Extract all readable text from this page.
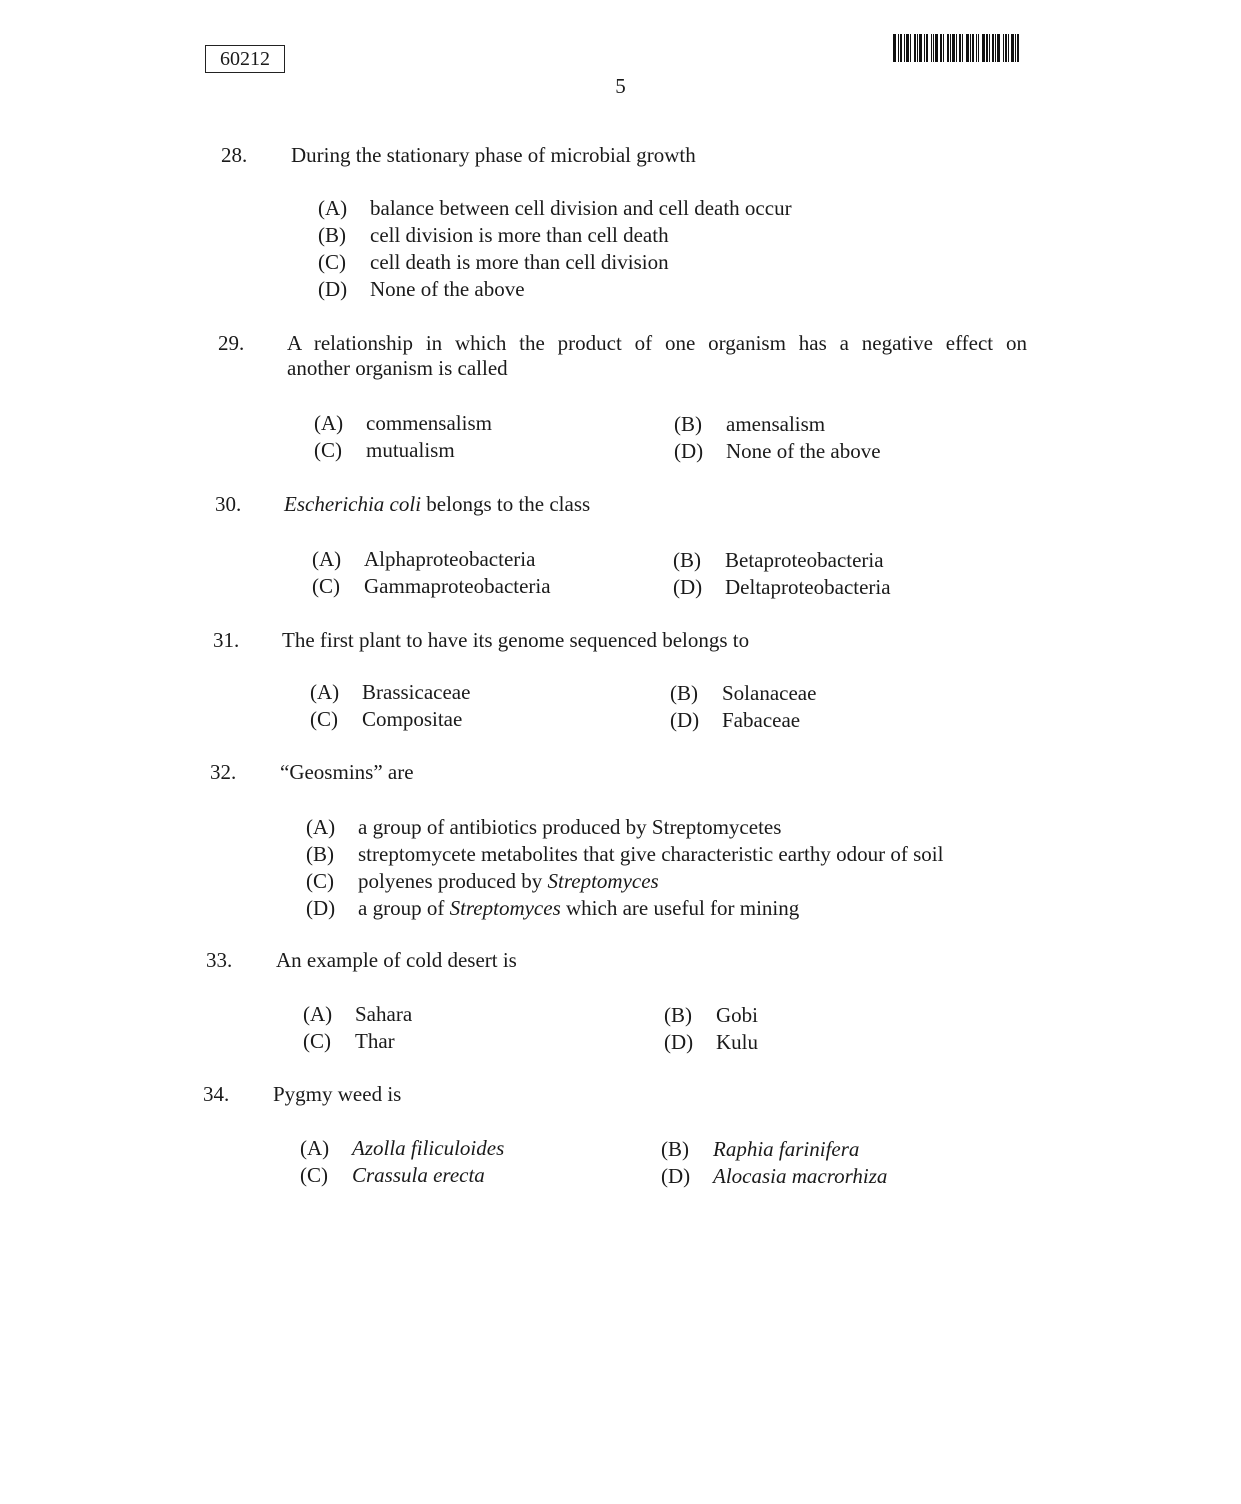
60212
5
28. During the stationary phase of microbial growth
(A) balance between cell division and cell death occur
(B) cell division is more than cell death
(C) cell death is more than cell division
(D) None of the above
29. A relationship in which the product of one organism has a negative effect on
another organism is called
(A) commensalism	(B) amensalism
(C) mutualism	(D) None of the above
30. Escherichia coli belongs to the class
(A) Alphaproteobacteria	(B) Betaproteobacteria
(C) Gammaproteobacteria	(D) Deltaproteobacteria
31. The first plant to have its genome sequenced belongs to
(A) Brassicaceae	(B) Solanaceae
(C) Compositae	(D) Fabaceae
32. “Geosmins” are
(A) a group of antibiotics produced by Streptomycetes
(B) streptomycete metabolites that give characteristic earthy odour of soil
(C) polyenes produced by Streptomyces
(D) a group of Streptomyces which are useful for mining
33. An example of cold desert is
(A) Sahara	(B) Gobi
(C) Thar	(D) Kulu
34. Pygmy weed is
(A) Azolla filiculoides	(B) Raphia farinifera
(C) Crassula erecta	(D) Alocasia macrorhiza
